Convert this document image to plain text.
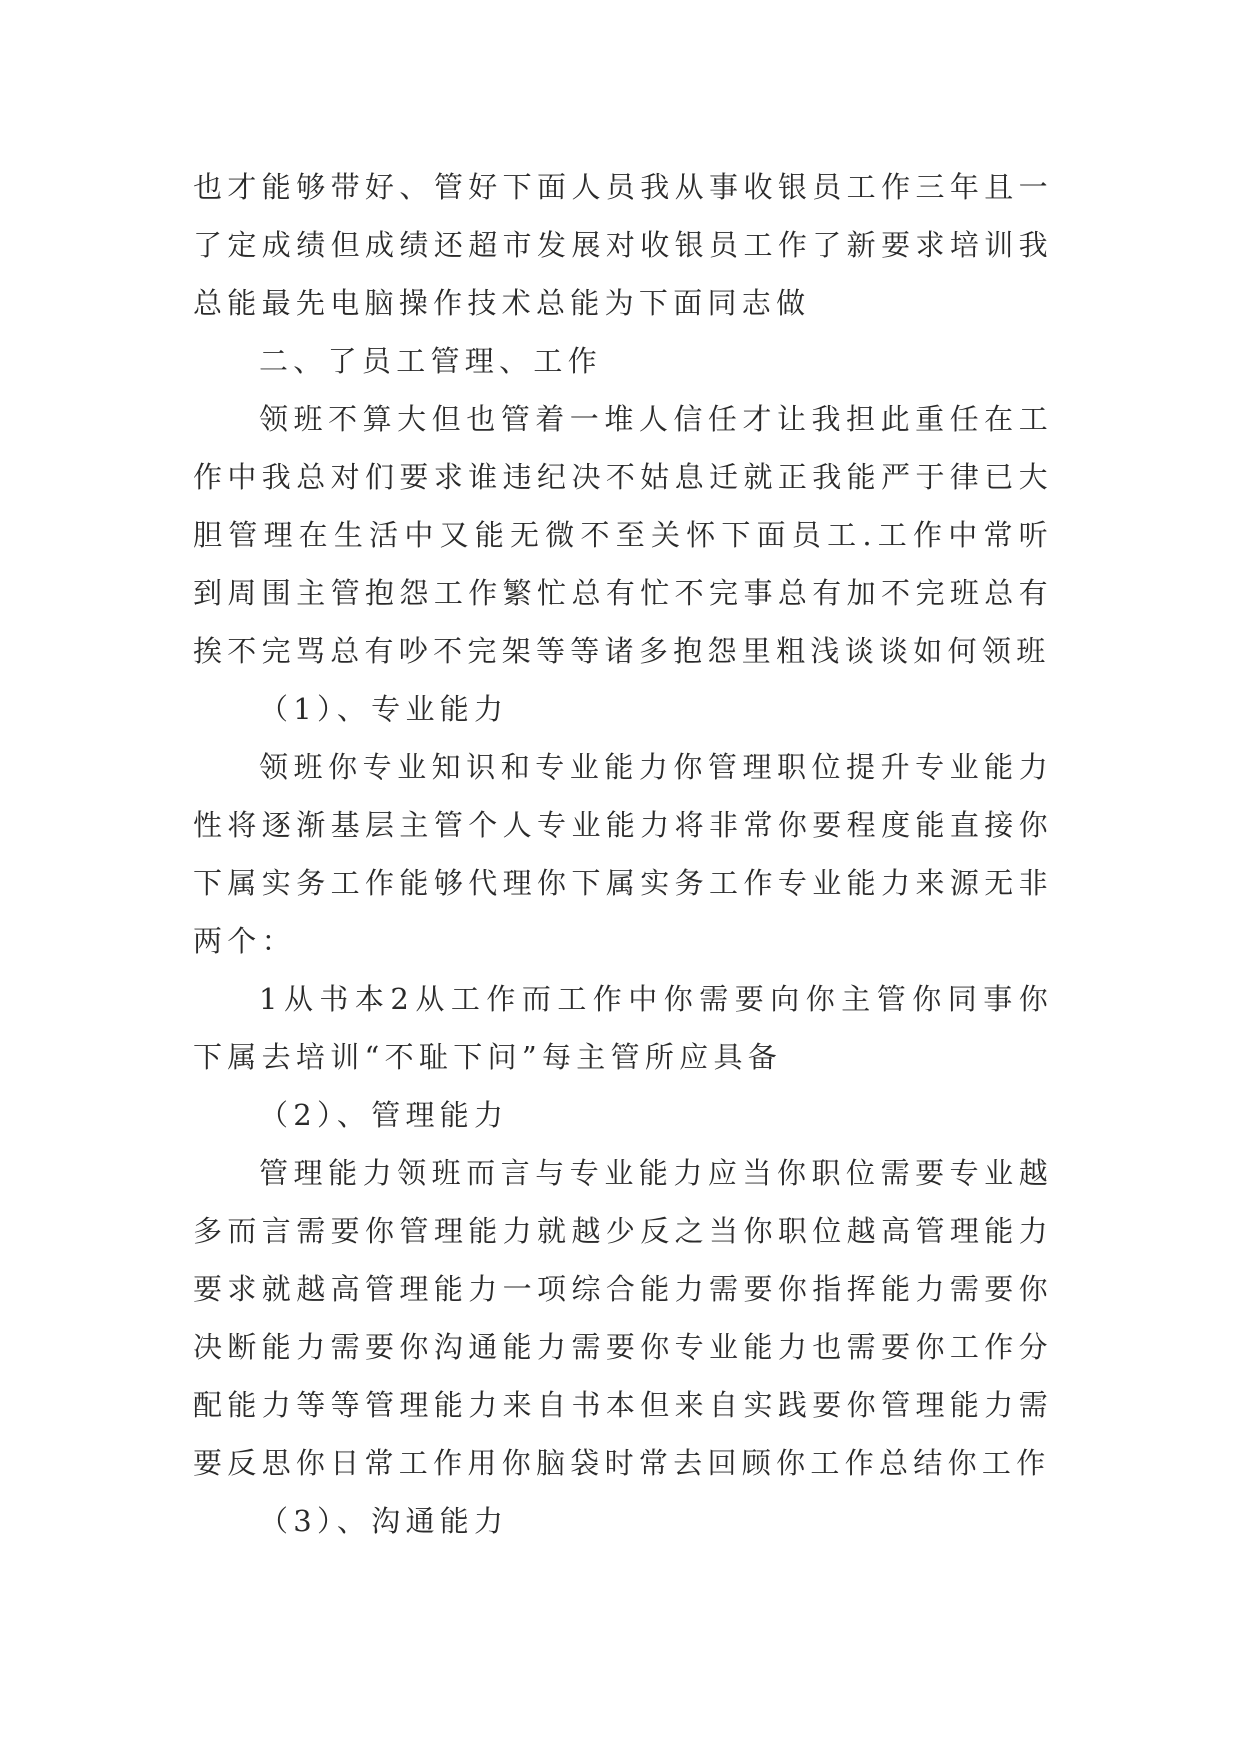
也才能够带好、管好下面人员我从事收银员工作三年且一了定成绩但成绩还超市发展对收银员工作了新要求培训我总能最先电脑操作技术总能为下面同志做

二、了员工管理、工作

领班不算大但也管着一堆人信任才让我担此重任在工作中我总对们要求谁违纪决不姑息迁就正我能严于律已大胆管理在生活中又能无微不至关怀下面员工.工作中常听到周围主管抱怨工作繁忙总有忙不完事总有加不完班总有挨不完骂总有吵不完架等等诸多抱怨里粗浅谈谈如何领班

（1）、专业能力

领班你专业知识和专业能力你管理职位提升专业能力性将逐渐基层主管个人专业能力将非常你要程度能直接你下属实务工作能够代理你下属实务工作专业能力来源无非两个：

1从书本2从工作而工作中你需要向你主管你同事你下属去培训“不耻下问”每主管所应具备

（2）、管理能力

管理能力领班而言与专业能力应当你职位需要专业越多而言需要你管理能力就越少反之当你职位越高管理能力要求就越高管理能力一项综合能力需要你指挥能力需要你决断能力需要你沟通能力需要你专业能力也需要你工作分配能力等等管理能力来自书本但来自实践要你管理能力需要反思你日常工作用你脑袋时常去回顾你工作总结你工作

（3）、沟通能力
